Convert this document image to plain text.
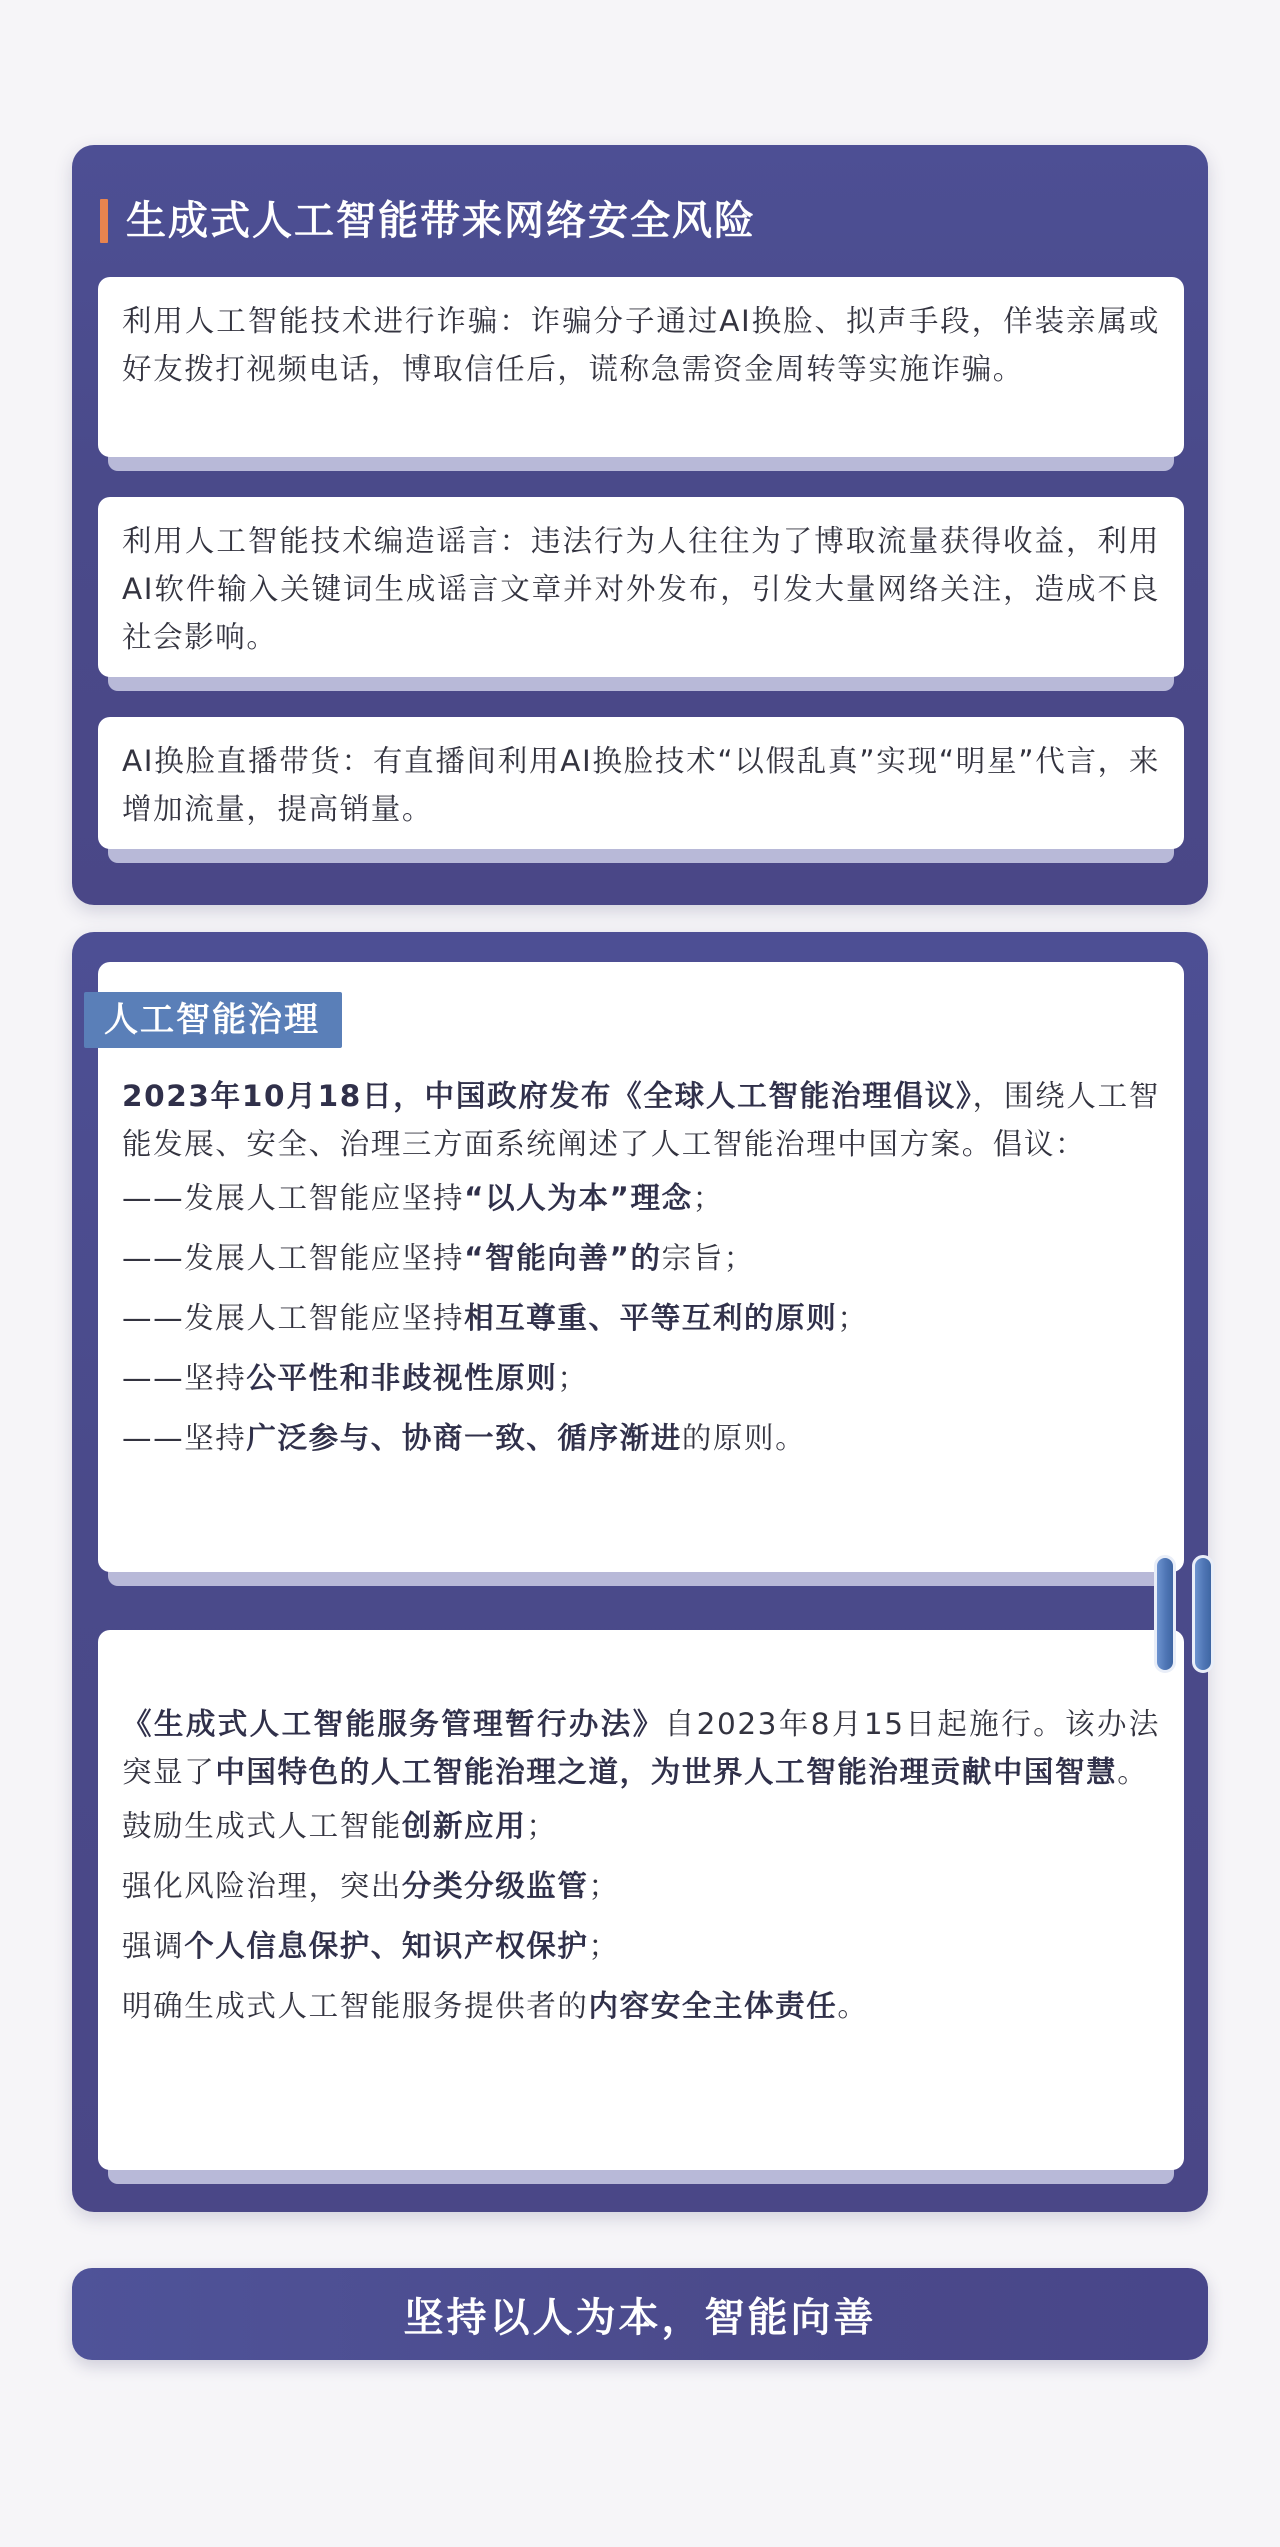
生成式人工智能带来网络安全风险

利用人工智能技术进行诈骗：诈骗分子通过AI换脸、拟声手段，佯装亲属或好友拨打视频电话，博取信任后，谎称急需资金周转等实施诈骗。

利用人工智能技术编造谣言：违法行为人往往为了博取流量获得收益，利用AI软件输入关键词生成谣言文章并对外发布，引发大量网络关注，造成不良社会影响。

AI换脸直播带货：有直播间利用AI换脸技术“以假乱真”实现“明星”代言，来增加流量，提高销量。

人工智能治理

2023年10月18日，中国政府发布《全球人工智能治理倡议》，围绕人工智能发展、安全、治理三方面系统阐述了人工智能治理中国方案。倡议：

——发展人工智能应坚持“以人为本”理念；

——发展人工智能应坚持“智能向善”的宗旨；

——发展人工智能应坚持相互尊重、平等互利的原则；

——坚持公平性和非歧视性原则；

——坚持广泛参与、协商一致、循序渐进的原则。

《生成式人工智能服务管理暂行办法》自2023年8月15日起施行。该办法突显了中国特色的人工智能治理之道，为世界人工智能治理贡献中国智慧。

鼓励生成式人工智能创新应用；

强化风险治理，突出分类分级监管；

强调个人信息保护、知识产权保护；

明确生成式人工智能服务提供者的内容安全主体责任。

坚持以人为本，智能向善
